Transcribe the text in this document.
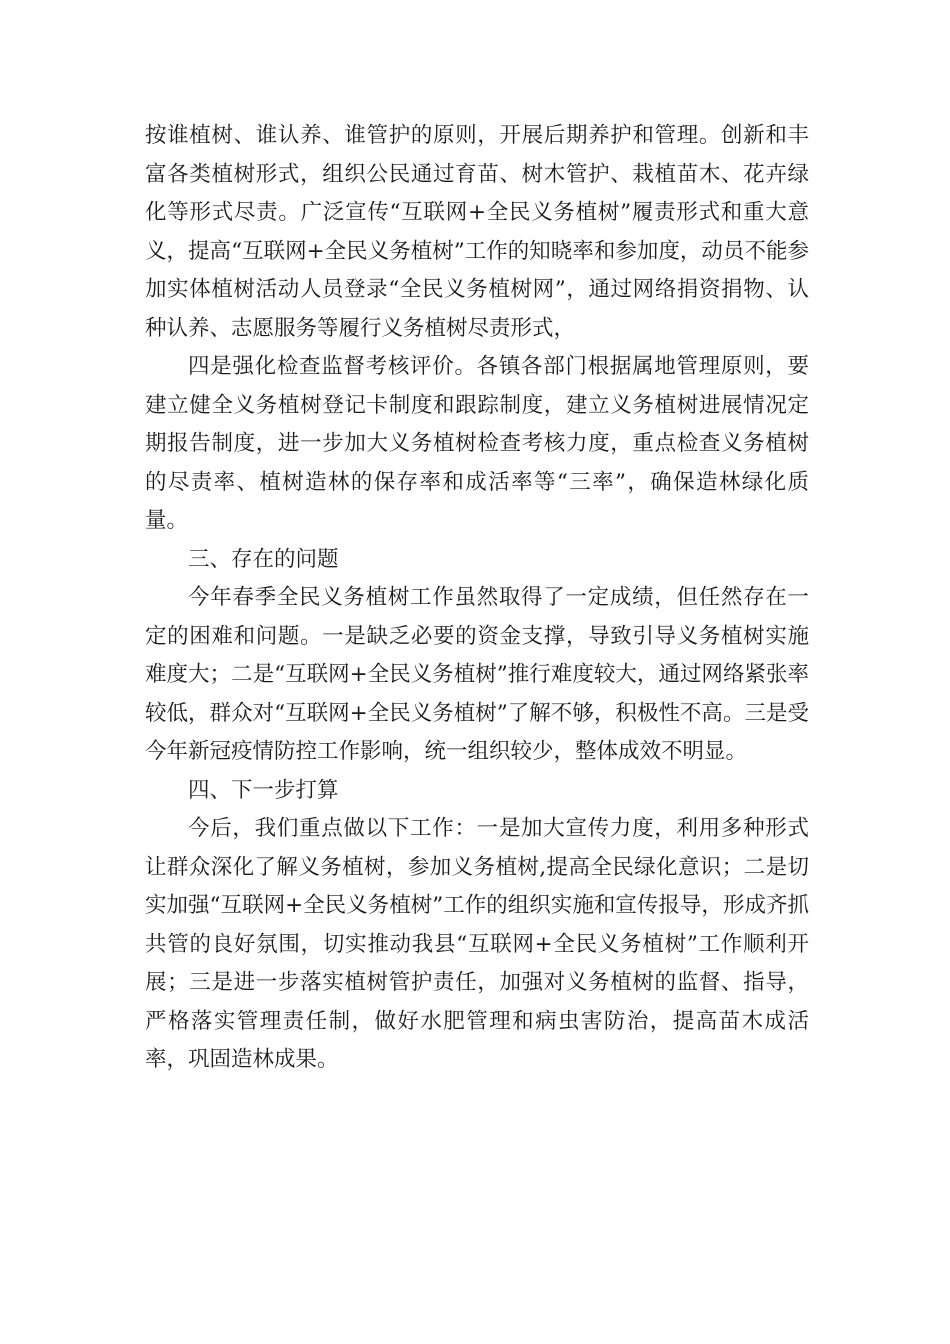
按谁植树、谁认养、谁管护的原则，开展后期养护和管理。创新和丰富各类植树形式，组织公民通过育苗、树木管护、栽植苗木、花卉绿化等形式尽责。广泛宣传“互联网+全民义务植树”履责形式和重大意义，提高“互联网+全民义务植树”工作的知晓率和参加度，动员不能参加实体植树活动人员登录“全民义务植树网”，通过网络捐资捐物、认种认养、志愿服务等履行义务植树尽责形式，

四是强化检查监督考核评价。各镇各部门根据属地管理原则，要建立健全义务植树登记卡制度和跟踪制度，建立义务植树进展情况定期报告制度，进一步加大义务植树检查考核力度，重点检查义务植树的尽责率、植树造林的保存率和成活率等“三率”，确保造林绿化质量。

三、存在的问题

今年春季全民义务植树工作虽然取得了一定成绩，但任然存在一定的困难和问题。一是缺乏必要的资金支撑，导致引导义务植树实施难度大；二是“互联网+全民义务植树”推行难度较大，通过网络紧张率较低，群众对“互联网+全民义务植树”了解不够，积极性不高。三是受今年新冠疫情防控工作影响，统一组织较少，整体成效不明显。

四、下一步打算

今后，我们重点做以下工作：一是加大宣传力度，利用多种形式让群众深化了解义务植树，参加义务植树,提高全民绿化意识；二是切实加强“互联网+全民义务植树”工作的组织实施和宣传报导，形成齐抓共管的良好氛围，切实推动我县“互联网+全民义务植树”工作顺利开展；三是进一步落实植树管护责任，加强对义务植树的监督、指导，严格落实管理责任制，做好水肥管理和病虫害防治，提高苗木成活率，巩固造林成果。
